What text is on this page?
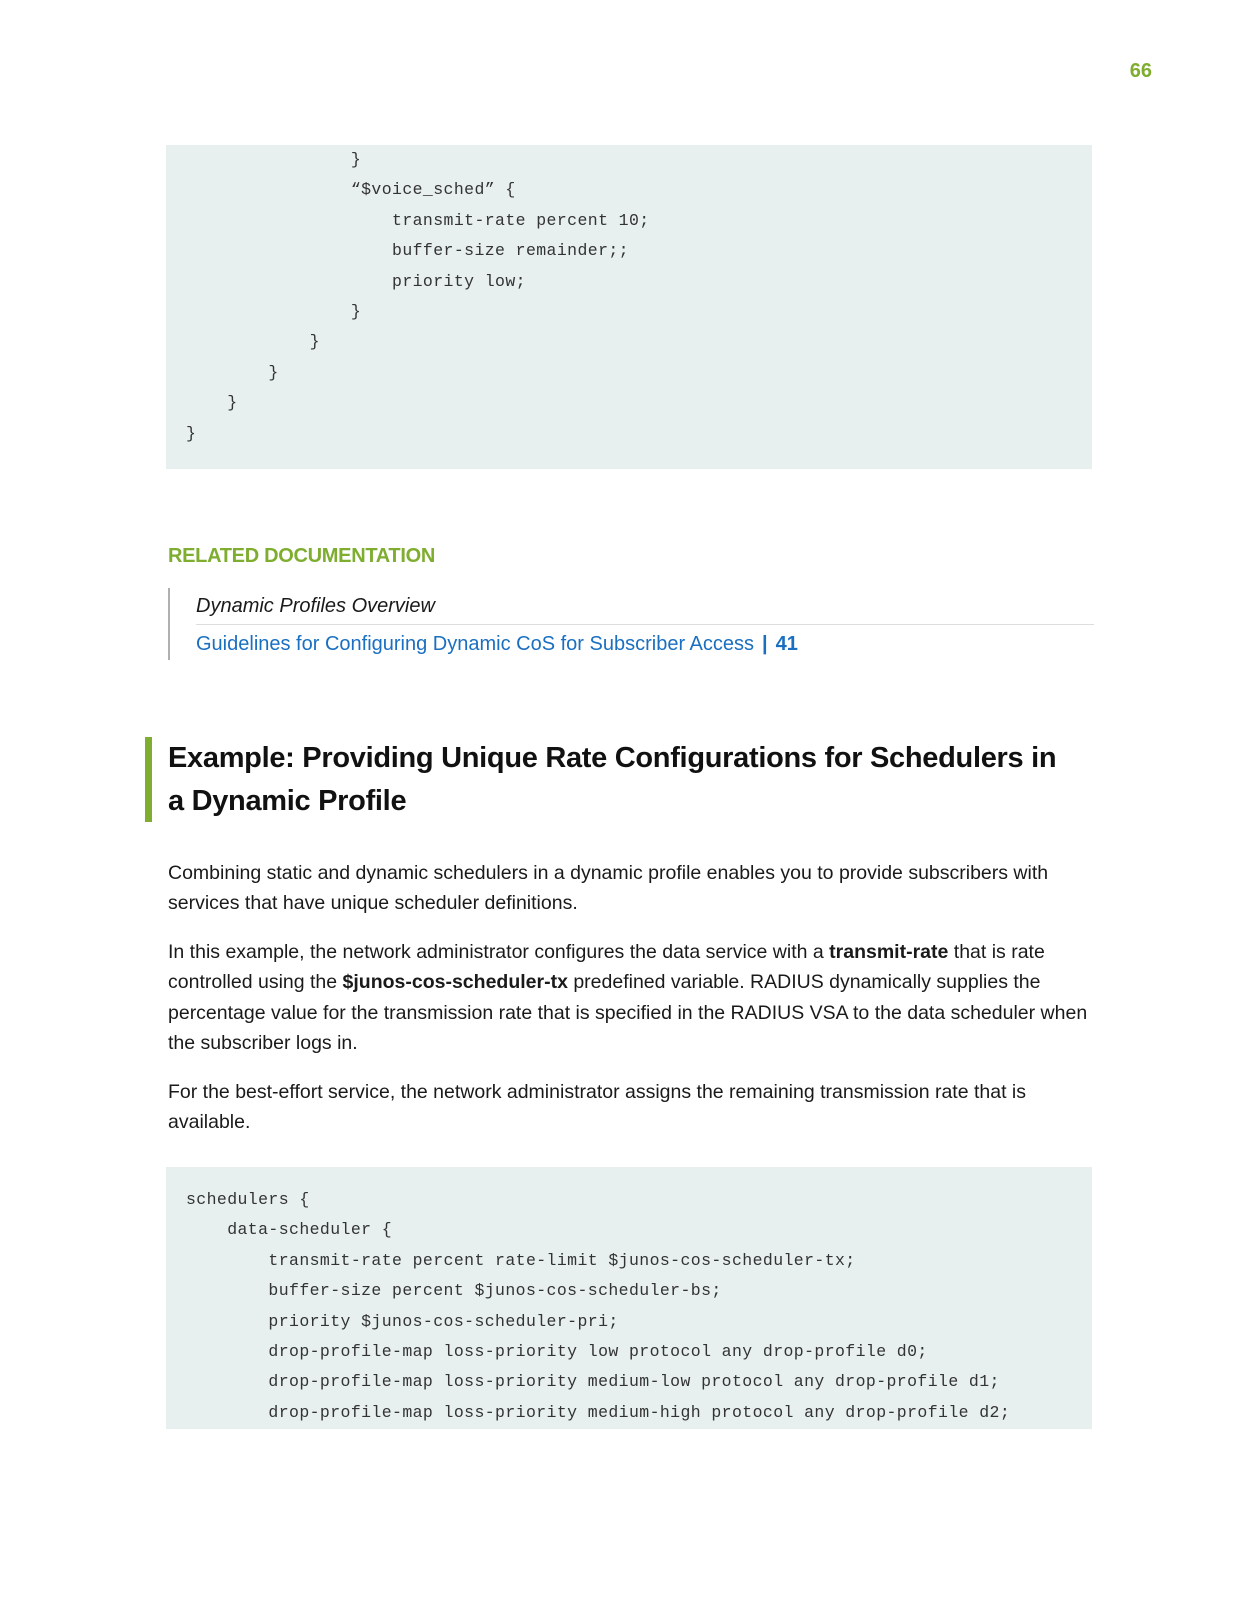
66
}
“$voice_sched” {
transmit-rate percent 10;
buffer-size remainder;;
priority low;
}
}
}
}
}
RELATED DOCUMENTATION
Dynamic Profiles Overview
Guidelines for Configuring Dynamic CoS for Subscriber Access | 41
Example: Providing Unique Rate Configurations for Schedulers in a Dynamic Profile

Combining static and dynamic schedulers in a dynamic profile enables you to provide subscribers with services that have unique scheduler definitions.

In this example, the network administrator configures the data service with a transmit-rate that is rate controlled using the $junos-cos-scheduler-tx predefined variable. RADIUS dynamically supplies the percentage value for the transmission rate that is specified in the RADIUS VSA to the data scheduler when the subscriber logs in.

For the best-effort service, the network administrator assigns the remaining transmission rate that is available.

schedulers {
data-scheduler {
transmit-rate percent rate-limit $junos-cos-scheduler-tx;
buffer-size percent $junos-cos-scheduler-bs;
priority $junos-cos-scheduler-pri;
drop-profile-map loss-priority low protocol any drop-profile d0;
drop-profile-map loss-priority medium-low protocol any drop-profile d1;
drop-profile-map loss-priority medium-high protocol any drop-profile d2;
